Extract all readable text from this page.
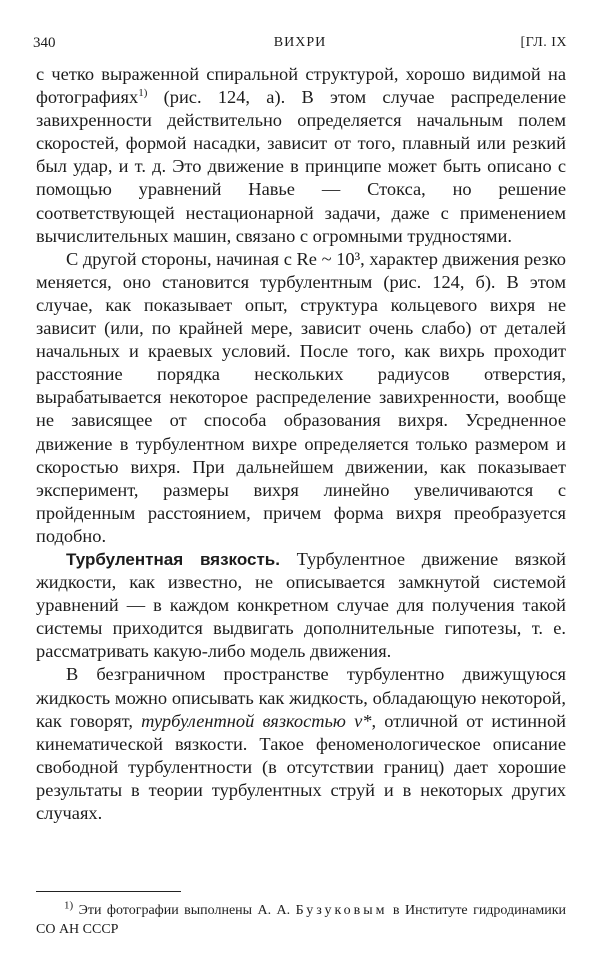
340	ВИХРИ	[ГЛ. IX

с четко выраженной спиральной структурой, хорошо видимой на фотографиях$^{1)}$ (рис. 124, а). В этом случае распределение завихренности действительно определяется начальным полем скоростей, формой насадки, зависит от того, плавный или резкий был удар, и т. д. Это движение в принципе может быть описано с помощью уравнений Навье — Стокса, но решение соответствующей нестационарной задачи, даже с применением вычислительных машин, связано с огромными трудностями.

С другой стороны, начиная с Re ~ 10³, характер движения резко меняется, оно становится турбулентным (рис. 124, б). В этом случае, как показывает опыт, структура кольцевого вихря не зависит (или, по крайней мере, зависит очень слабо) от деталей начальных и краевых условий. После того, как вихрь проходит расстояние порядка нескольких радиусов отверстия, вырабатывается некоторое распределение завихренности, вообще не зависящее от способа образования вихря. Усредненное движение в турбулентном вихре определяется только размером и скоростью вихря. При дальнейшем движении, как показывает эксперимент, размеры вихря линейно увеличиваются с пройденным расстоянием, причем форма вихря преобразуется подобно.

Турбулентная вязкость. Турбулентное движение вязкой жидкости, как известно, не описывается замкнутой системой уравнений — в каждом конкретном случае для получения такой системы приходится выдвигать дополнительные гипотезы, т. е. рассматривать какую-либо модель движения.

В безграничном пространстве турбулентно движущуюся жидкость можно описывать как жидкость, обладающую некоторой, как говорят, турбулентной вязкостью ν*, отличной от истинной кинематической вязкости. Такое феноменологическое описание свободной турбулентности (в отсутствии границ) дает хорошие результаты в теории турбулентных струй и в некоторых других случаях.

$^{1)}$ Эти фотографии выполнены А. А. Бузуковым в Институте гидродинамики СО АН СССР
